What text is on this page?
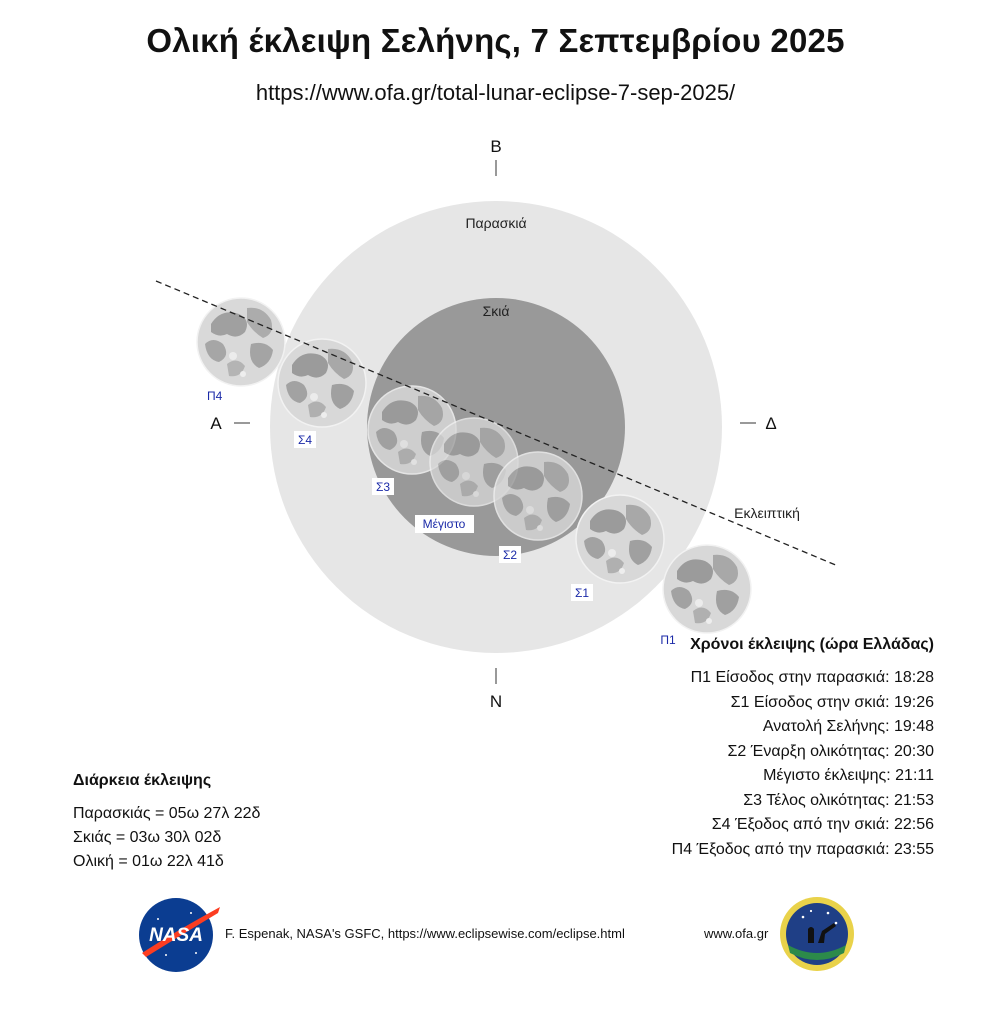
Ολική έκλειψη Σελήνης, 7 Σεπτεμβρίου 2025
https://www.ofa.gr/total-lunar-eclipse-7-sep-2025/
Β
Ν
Α	Δ
Παρασκιά
Σκιά
Εκλειπτική
Π4
Σ4
Σ3
Μέγιστο
Σ2
Σ1
Π1 Χρόνοι έκλειψης (ώρα Ελλάδας)
Π1 Είσοδος στην παρασκιά: 18:28
Σ1 Είσοδος στην σκιά: 19:26
Ανατολή Σελήνης: 19:48
Σ2 Έναρξη ολικότητας: 20:30
Μέγιστο έκλειψης: 21:11
Σ3 Τέλος ολικότητας: 21:53
Σ4 Έξοδος από την σκιά: 22:56
Π4 Έξοδος από την παρασκιά: 23:55
Διάρκεια έκλειψης
Παρασκιάς = 05ω 27λ 22δ
Σκιάς = 03ω 30λ 02δ
Ολική = 01ω 22λ 41δ
NASA F. Espenak, NASA's GSFC, https://www.eclipsewise.com/eclipse.html	www.ofa.gr
